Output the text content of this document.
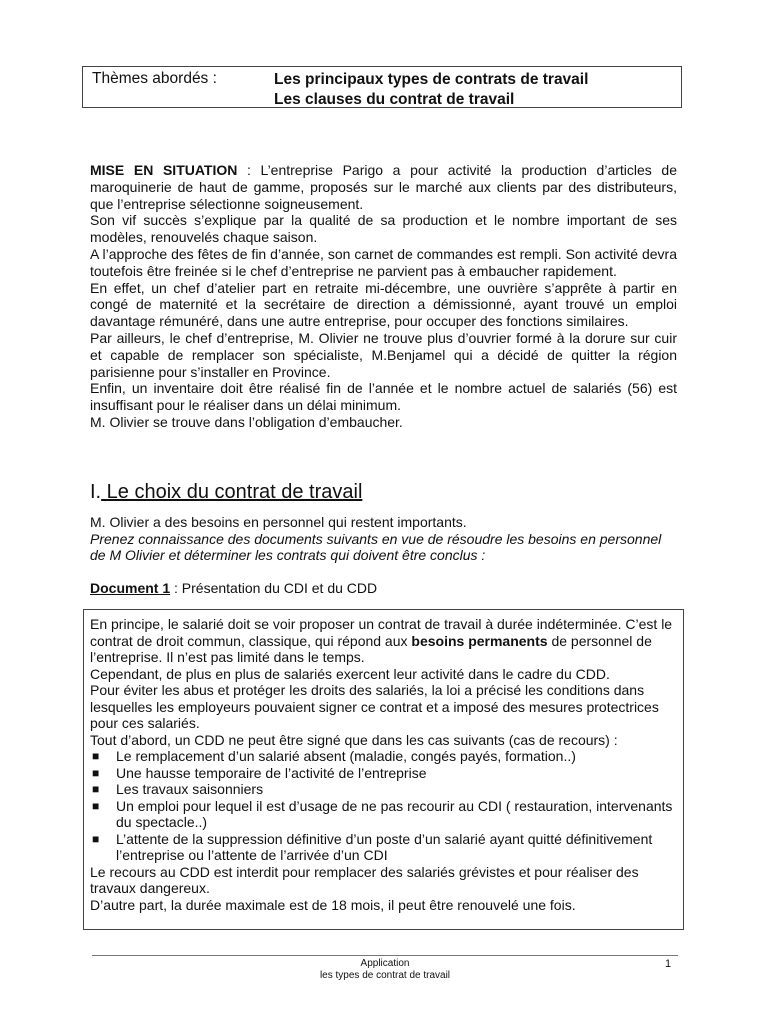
Thèmes abordés :	Les principaux types de contrats de travail
Les clauses du contrat de travail

MISE EN SITUATION : L’entreprise Parigo a pour activité la production d’articles de maroquinerie de haut de gamme, proposés sur le marché aux clients par des distributeurs, que l’entreprise sélectionne soigneusement.

Son vif succès s’explique par la qualité de sa production et le nombre important de ses modèles, renouvelés chaque saison.

A l’approche des fêtes de fin d’année, son carnet de commandes est rempli. Son activité devra toutefois être freinée si le chef d’entreprise ne parvient pas à embaucher rapidement.

En effet, un chef d’atelier part en retraite mi-décembre, une ouvrière s’apprête à partir en congé de maternité et la secrétaire de direction a démissionné, ayant trouvé un emploi davantage rémunéré, dans une autre entreprise, pour occuper des fonctions similaires.

Par ailleurs, le chef d’entreprise, M. Olivier ne trouve plus d’ouvrier formé à la dorure sur cuir et capable de remplacer son spécialiste, M.Benjamel qui a décidé de quitter la région parisienne pour s’installer en Province.

Enfin, un inventaire doit être réalisé fin de l’année et le nombre actuel de salariés (56) est insuffisant pour le réaliser dans un délai minimum.

M. Olivier se trouve dans l’obligation d’embaucher.

I. Le choix du contrat de travail

M. Olivier a des besoins en personnel qui restent importants.

Prenez connaissance des documents suivants en vue de résoudre les besoins en personnel de M Olivier et déterminer les contrats qui doivent être conclus :

Document 1 : Présentation du CDI et du CDD

En principe, le salarié doit se voir proposer un contrat de travail à durée indéterminée. C’est le contrat de droit commun, classique, qui répond aux besoins permanents de personnel de l’entreprise. Il n’est pas limité dans le temps.

Cependant, de plus en plus de salariés exercent leur activité dans le cadre du CDD.

Pour éviter les abus et protéger les droits des salariés, la loi a précisé les conditions dans lesquelles les employeurs pouvaient signer ce contrat et a imposé des mesures protectrices pour ces salariés.

Tout d’abord, un CDD ne peut être signé que dans les cas suivants (cas de recours) :

■ Le remplacement d’un salarié absent (maladie, congés payés, formation..)
■ Une hausse temporaire de l’activité de l’entreprise
■ Les travaux saisonniers
■ Un emploi pour lequel il est d’usage de ne pas recourir au CDI ( restauration, intervenants du spectacle..)
■ L’attente de la suppression définitive d’un poste d’un salarié ayant quitté définitivement l’entreprise ou l’attente de l’arrivée d’un CDI

Le recours au CDD est interdit pour remplacer des salariés grévistes et pour réaliser des travaux dangereux.

D’autre part, la durée maximale est de 18 mois, il peut être renouvelé une fois.

Application
les types de contrat de travail
1
